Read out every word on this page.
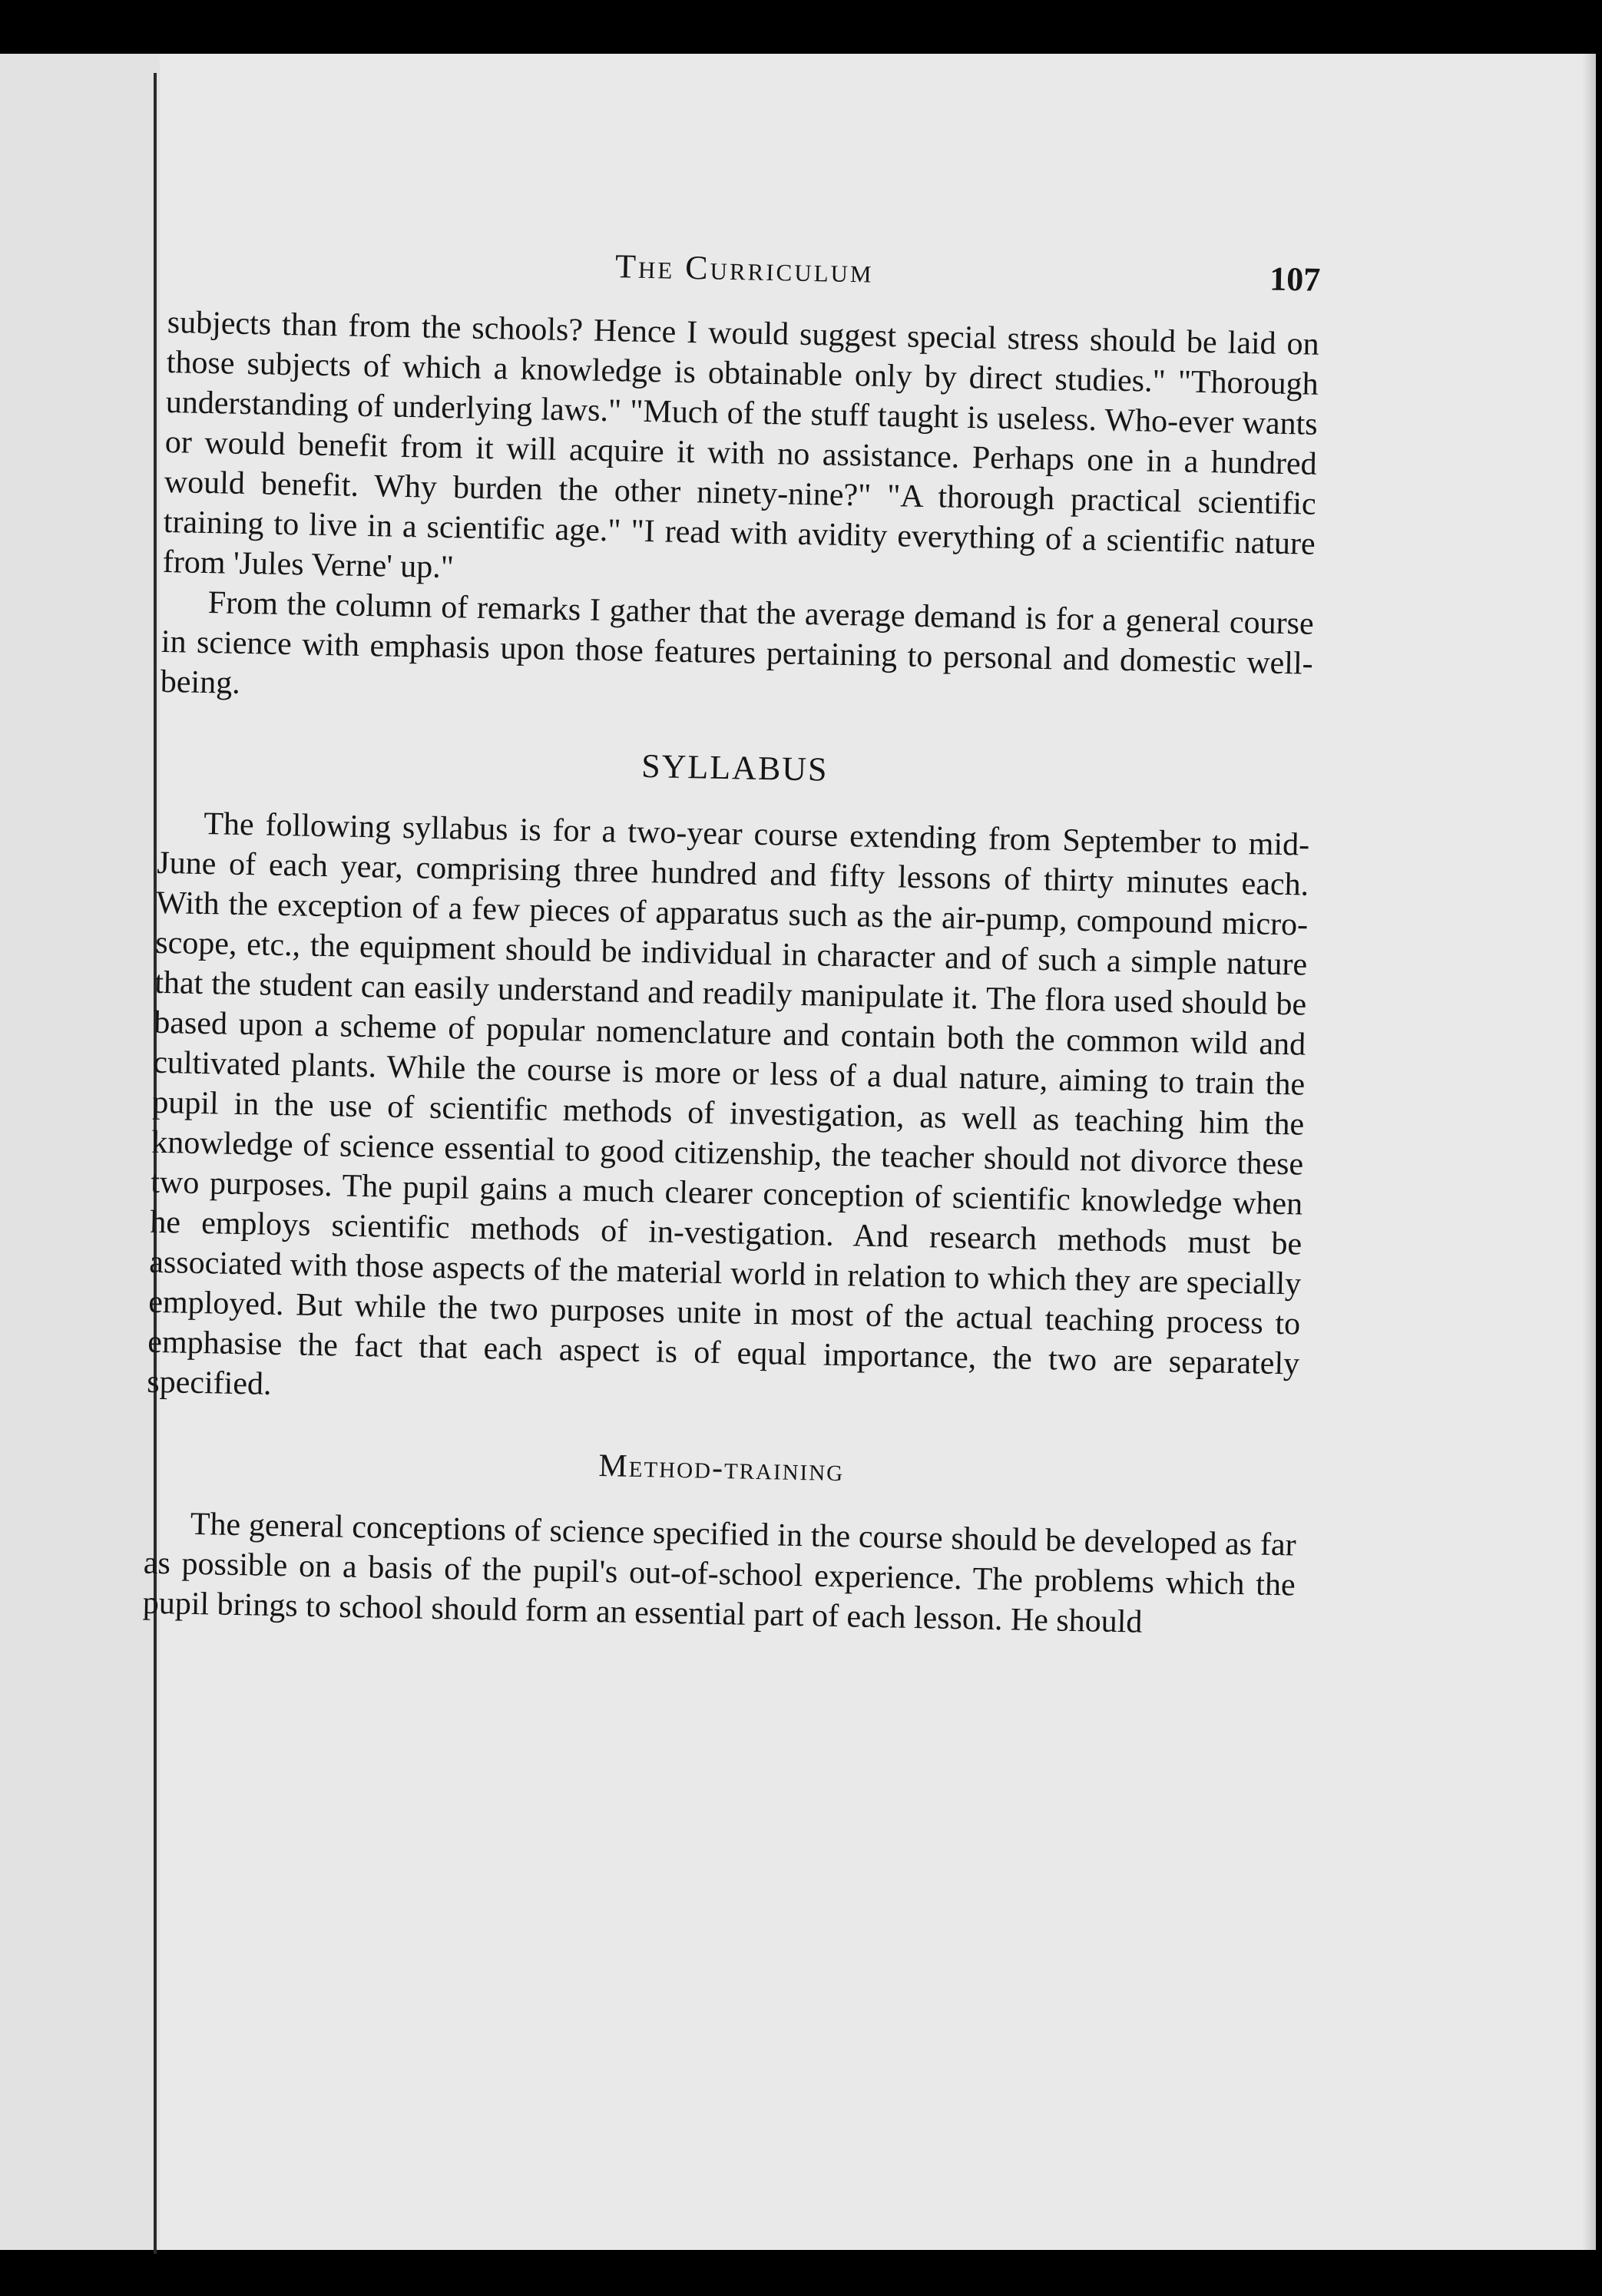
The Curriculum	107

subjects than from the schools? Hence I would suggest special stress should be laid on those subjects of which a knowledge is obtainable only by direct studies." "Thorough understanding of underlying laws." "Much of the stuff taught is useless. Who-ever wants or would benefit from it will acquire it with no assistance. Perhaps one in a hundred would benefit. Why burden the other ninety-nine?" "A thorough practical scientific training to live in a scientific age." "I read with avidity everything of a scientific nature from 'Jules Verne' up."

From the column of remarks I gather that the average demand is for a general course in science with emphasis upon those features pertaining to personal and domestic well-being.

SYLLABUS

The following syllabus is for a two-year course extending from September to mid-June of each year, comprising three hundred and fifty lessons of thirty minutes each. With the exception of a few pieces of apparatus such as the air-pump, compound micro-scope, etc., the equipment should be individual in character and of such a simple nature that the student can easily understand and readily manipulate it. The flora used should be based upon a scheme of popular nomenclature and contain both the common wild and cultivated plants. While the course is more or less of a dual nature, aiming to train the pupil in the use of scientific methods of investigation, as well as teaching him the knowledge of science essential to good citizenship, the teacher should not divorce these two purposes. The pupil gains a much clearer conception of scientific knowledge when he employs scientific methods of in-vestigation. And research methods must be associated with those aspects of the material world in relation to which they are specially employed. But while the two purposes unite in most of the actual teaching process to emphasise the fact that each aspect is of equal importance, the two are separately specified.

Method-training

The general conceptions of science specified in the course should be developed as far as possible on a basis of the pupil's out-of-school experience. The problems which the pupil brings to school should form an essential part of each lesson. He should
